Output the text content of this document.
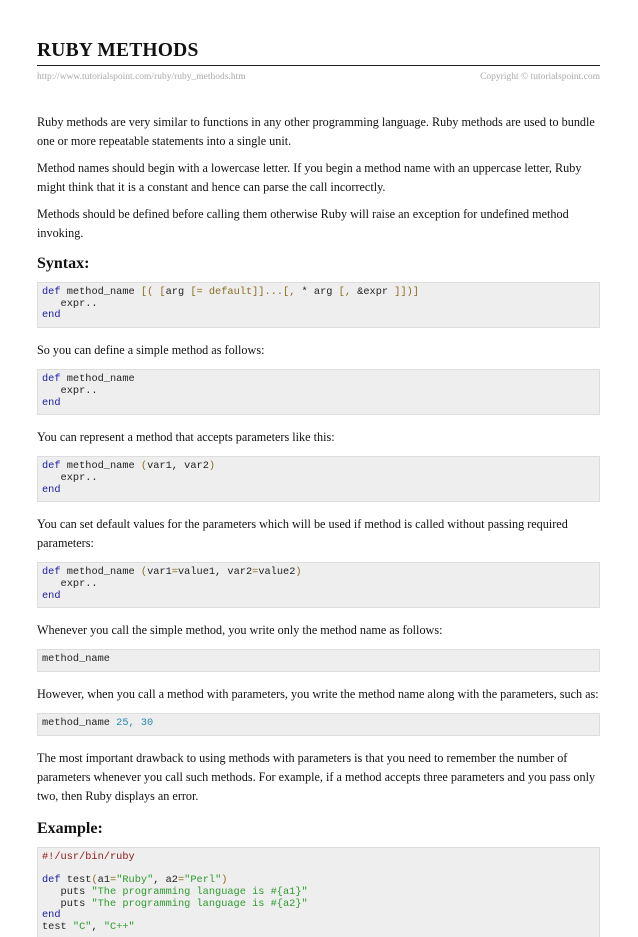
RUBY METHODS
http://www.tutorialspoint.com/ruby/ruby_methods.htm	Copyright © tutorialspoint.com

Ruby methods are very similar to functions in any other programming language. Ruby methods are used to bundle one or more repeatable statements into a single unit.

Method names should begin with a lowercase letter. If you begin a method name with an uppercase letter, Ruby might think that it is a constant and hence can parse the call incorrectly.

Methods should be defined before calling them otherwise Ruby will raise an exception for undefined method invoking.

Syntax:
def method_name [( [arg [= default]]...[, * arg [, &expr ]])]
expr..
end

So you can define a simple method as follows:

def method_name
expr..
end

You can represent a method that accepts parameters like this:

def method_name (var1, var2)
expr..
end

You can set default values for the parameters which will be used if method is called without passing required parameters:

def method_name (var1=value1, var2=value2)
expr..
end

Whenever you call the simple method, you write only the method name as follows:

method_name

However, when you call a method with parameters, you write the method name along with the parameters, such as:

method_name 25, 30

The most important drawback to using methods with parameters is that you need to remember the number of parameters whenever you call such methods. For example, if a method accepts three parameters and you pass only two, then Ruby displays an error.

Example:
#!/usr/bin/ruby

def test(a1="Ruby", a2="Perl")
puts "The programming language is #{a1}"
puts "The programming language is #{a2}"
end
test "C", "C++"
